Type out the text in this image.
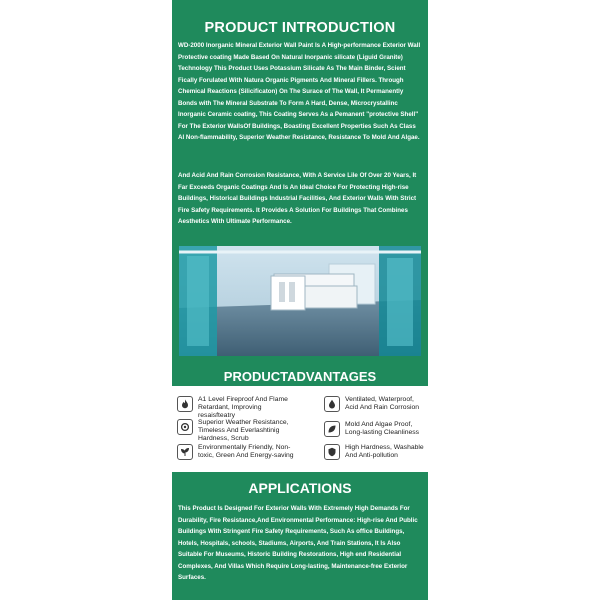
PRODUCT INTRODUCTION
WD-2000 Inorganic Mineral Exterior Wall Paint Is A High-performance Exterior Wall Protective coating Made Based On Natural Inorpanic silicate (Liguid Granite) Technology This Product Uses Potassium Silicate As The Main Binder, Scient Fically Forulated With Natura Organic Pigments And Mineral Fillers. Through Chemical Reactions (Silicificaton) On The Surace of The Wall, It Permanently Bonds with The Mineral Substrate To Form A Hard, Dense, Microcrystallinc Inorganic Ceramic coating, This Coating Serves As a Pemanent "protective Shell" For The Exterior WallsOf Buildings, Boasting Excellent Properties Such As Class Al Non-flammability, Superior Weather Resistance, Resistance To Mold And Algae.
And Acid And Rain Corrosion Resistance, With A Service Lile Of Over 20 Years, It Far Exceeds Organic Coatings And Is An Ideal Choice For Protecting High-rise Buildings, Historical Buildings Industrial Facilities, And Exterior Walls With Strict Fire Safety Requirements. It Provides A Solution For Buildings That Combines Aesthetics With Ultimate Performance.
PRODUCTADVANTAGES
A1 Level Fireproof And Flame Retardant, Improving resaisfteatry
Ventilated, Waterproof, Acid And Rain Corrosion
Superior Weather Resistance, Timeless And Everlashtinig Hardness, Scrub
Mold And Algae Proof, Long-lasting Cleanliness
Environmentally Friendly, Non-toxic, Green And Energy-saving
High Hardness, Washable And Anti-pollution
APPLICATIONS
This Product Is Designed For Exterior Walls With Extremely High Demands For Durability, Fire Resistance,And Environmental Performance: High-rise And Public Buildings With Stringent Fire Safety Requirements, Such As office Buildings, Hotels, Hospitals, schools, Stadiums, Airports, And Train Stations, It Is Also Suitable For Museums, Historic Building Restorations, High end Residential Complexes, And Villas Which Require Long-lasting, Maintenance-free Exterior Surfaces.
